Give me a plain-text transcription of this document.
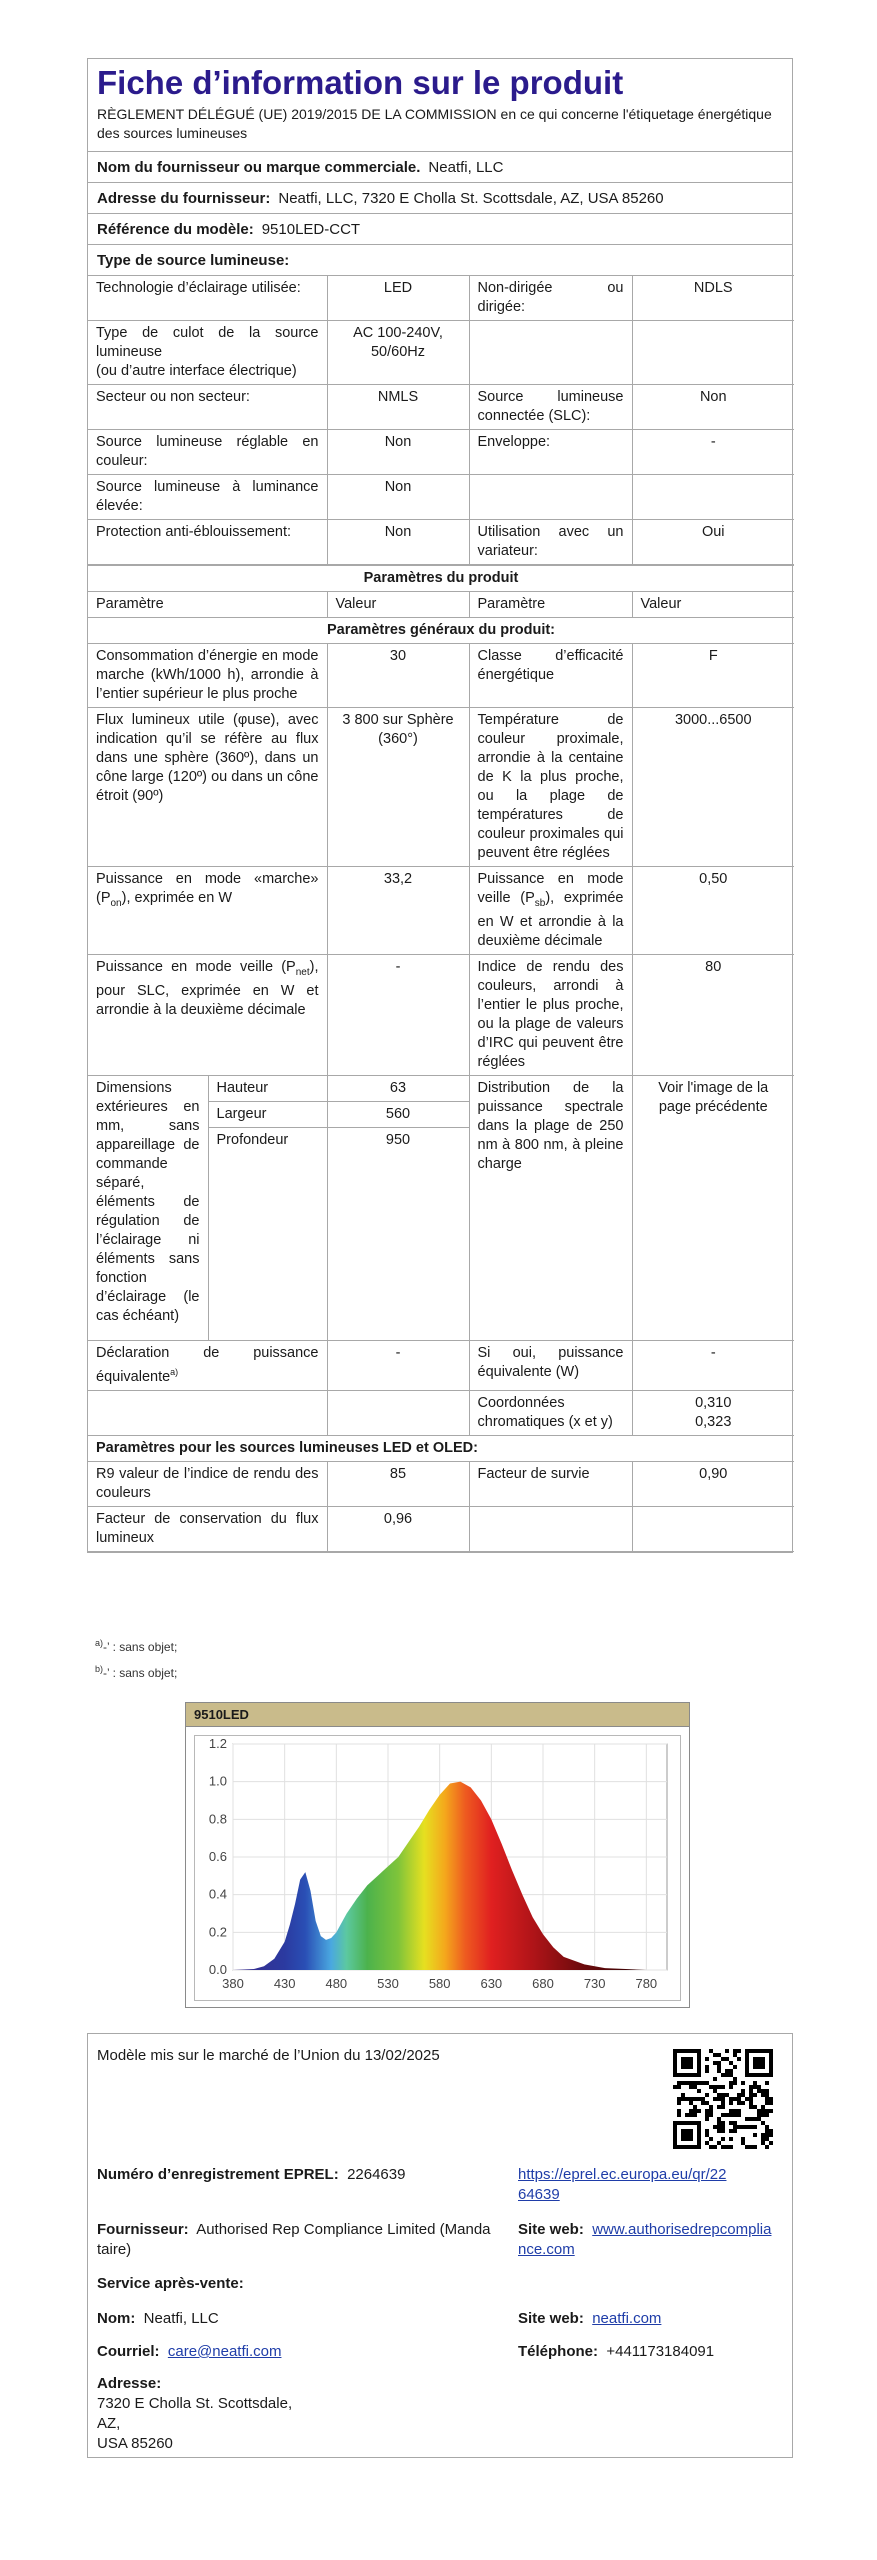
Fiche d’information sur le produit
RÈGLEMENT DÉLÉGUÉ (UE) 2019/2015 DE LA COMMISSION en ce qui concerne l'étiquetage énergétique des sources lumineuses
Nom du fournisseur ou marque commerciale. Neatfi, LLC
Adresse du fournisseur: Neatfi, LLC, 7320 E Cholla St. Scottsdale, AZ, USA 85260
Référence du modèle: 9510LED-CCT
Type de source lumineuse:
Technologie d’éclairage utilisée:	LED	Non-dirigée ou dirigée:	NDLS

Type de culot de la source lumineuse
(ou d’autre interface électrique)	AC 100-240V, 50/60Hz		
Secteur ou non secteur:	NMLS	Source lumineuse connectée (SLC):	Non
Source lumineuse réglable en couleur:	Non	Enveloppe:	-
Source lumineuse à luminance élevée:	Non		
Protection anti-éblouissement:	Non	Utilisation avec un variateur:	Oui
Paramètres du produit				
Paramètre		Valeur	Paramètre	Valeur
Paramètres généraux du produit:				
Consommation d’énergie en mode marche (kWh/1000 h), arrondie à l’entier supérieur le plus proche		30	Classe d’efficacité énergétique	F
Flux lumineux utile (φuse), avec indication qu’il se réfère au flux dans une sphère (360º), dans un cône large (120º) ou dans un cône étroit (90º)		3 800 sur Sphère (360°)	Température de couleur proximale, arrondie à la centaine de K la plus proche, ou la plage de températures de couleur proximales qui peuvent être réglées	3000...6500
Puissance en mode «marche» $(P_{on})$, exprimée en W		33,2	Puissance en mode veille $(P_{sb})$, exprimée en W et arrondie à la deuxième décimale	0,50
Puissance en mode veille $(P_{net})$, pour SLC, exprimée en W et arrondie à la deuxième décimale		-	Indice de rendu des couleurs, arrondi à l’entier le plus proche, ou la plage de valeurs d’IRC qui peuvent être réglées	80
Dimensions extérieures en mm, sans appareillage de commande séparé, éléments de régulation de l’éclairage ni éléments sans fonction d’éclairage (le cas échéant)	Hauteur	63	Distribution de la puissance spectrale dans la plage de 250 nm à 800 nm, à pleine charge	Voir l'image de la page précédente
	Largeur	560		
	Profondeur	950		
Déclaration de puissance équivalente$^{a)}$		-	Si oui, puissance équivalente (W)	-
			Coordonnées chromatiques (x et y)	0,310
0,323

Paramètres pour les sources lumineuses LED et OLED:				
R9 valeur de l’indice de rendu des couleurs		85	Facteur de survie	0,90
Facteur de conservation du flux lumineux		0,96		
$^{a)}$-’ : sans objet;
$^{b)}$-’ : sans objet;
9510LED
380 430 480 530 580 630 680 730 780
0.0
0.2
0.4
0.6
0.8
1.0
1.2
Modèle mis sur le marché de l’Union du 13/02/2025
Numéro d’enregistrement EPREL: 2264639	https://eprel.ec.europa.eu/qr/22
64639
Fournisseur: Authorised Rep Compliance Limited (Manda
taire)
Site web: www.authorisedrepcomplia
nce.com
Service après-vente:
Nom: Neatfi, LLC	Site web: neatfi.com
Courriel: care@neatfi.com	Téléphone: +441173184091
Adresse:
7320 E Cholla St. Scottsdale,
AZ,
USA 85260
